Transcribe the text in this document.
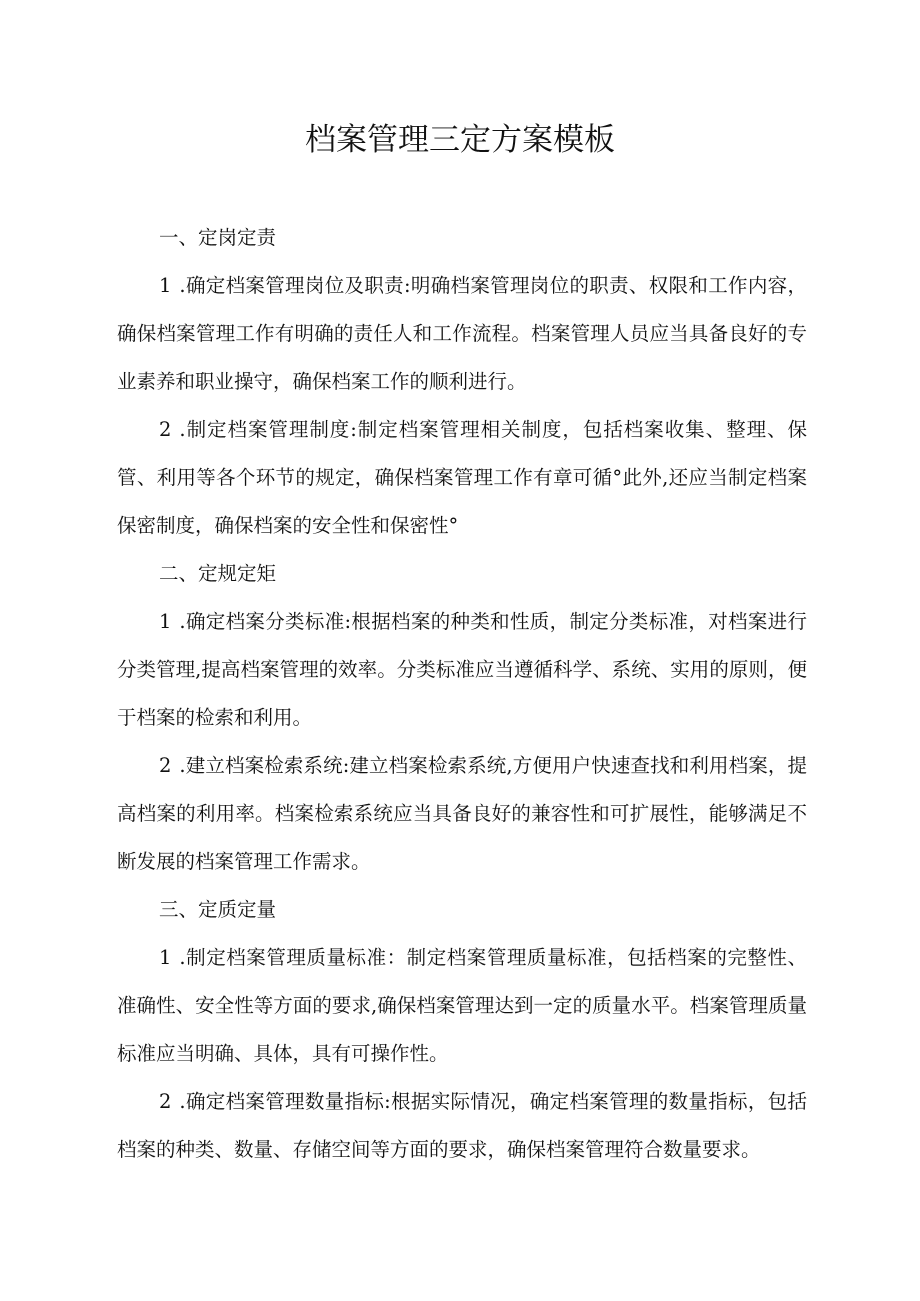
档案管理三定方案模板

一、定岗定责

1 .确定档案管理岗位及职责:明确档案管理岗位的职责、权限和工作内容，确保档案管理工作有明确的责任人和工作流程。档案管理人员应当具备良好的专业素养和职业操守，确保档案工作的顺利进行。

2 .制定档案管理制度:制定档案管理相关制度，包括档案收集、整理、保管、利用等各个环节的规定，确保档案管理工作有章可循°此外,还应当制定档案保密制度，确保档案的安全性和保密性°

二、定规定矩

1 .确定档案分类标准:根据档案的种类和性质，制定分类标准，对档案进行分类管理,提高档案管理的效率。分类标准应当遵循科学、系统、实用的原则，便于档案的检索和利用。

2 .建立档案检索系统:建立档案检索系统,方便用户快速查找和利用档案，提高档案的利用率。档案检索系统应当具备良好的兼容性和可扩展性，能够满足不断发展的档案管理工作需求。

三、定质定量

1 .制定档案管理质量标准：制定档案管理质量标准，包括档案的完整性、准确性、安全性等方面的要求,确保档案管理达到一定的质量水平。档案管理质量标准应当明确、具体，具有可操作性。

2 .确定档案管理数量指标:根据实际情况，确定档案管理的数量指标，包括档案的种类、数量、存储空间等方面的要求，确保档案管理符合数量要求。
